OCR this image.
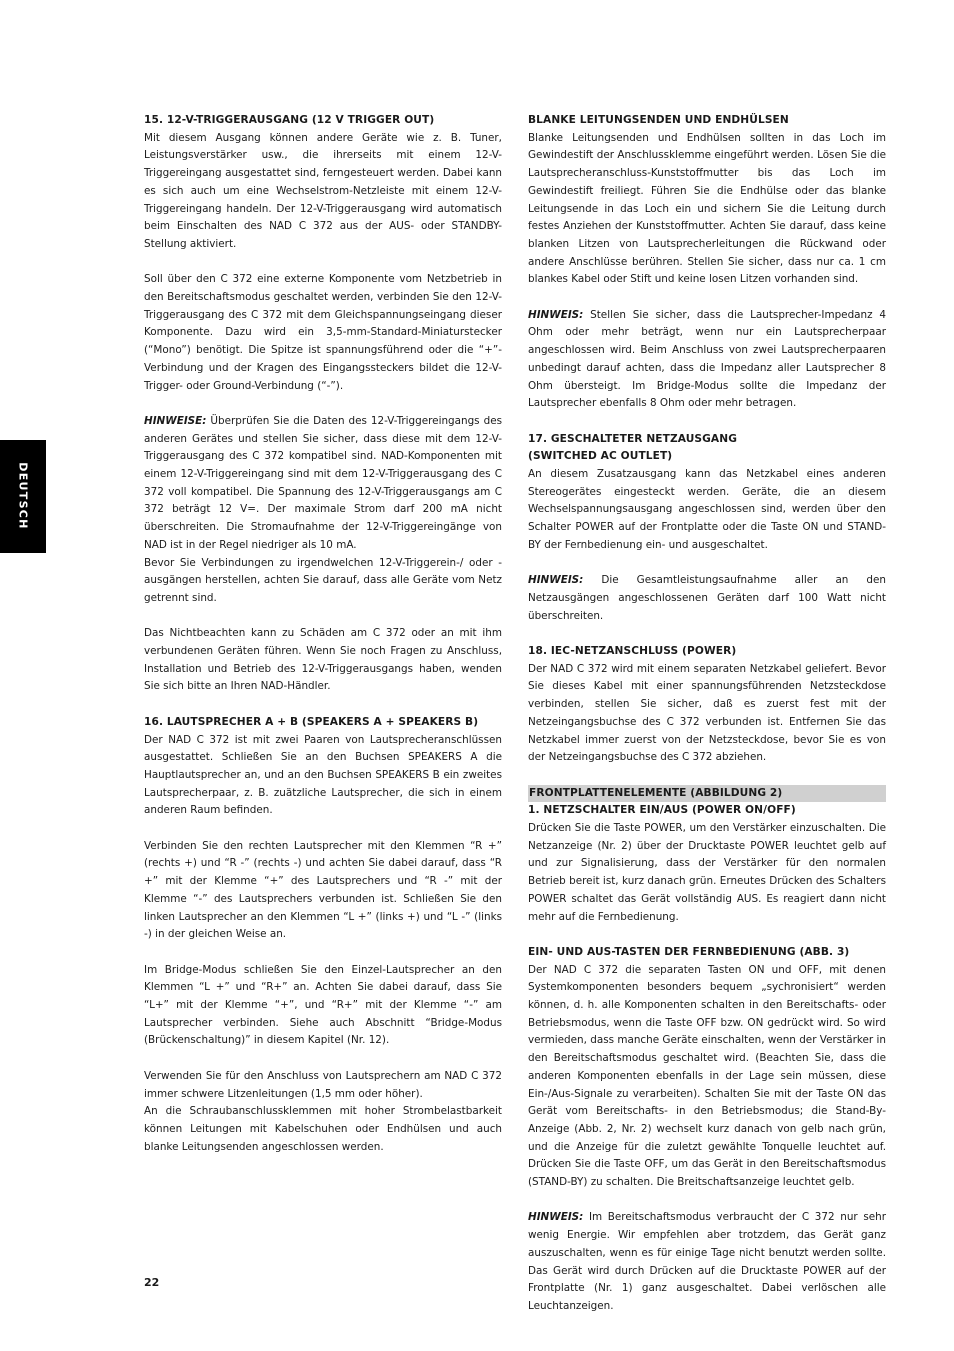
DEUTSCH
15. 12-V-TRIGGERAUSGANG (12 V TRIGGER OUT)

Mit diesem Ausgang können andere Geräte wie z. B. Tuner, Leistungsverstärker usw., die ihrerseits mit einem 12-V-Triggereingang ausgestattet sind, ferngesteuert werden. Dabei kann es sich auch um eine Wechselstrom-Netzleiste mit einem 12-V-Triggereingang handeln. Der 12-V-Triggerausgang wird automatisch beim Einschalten des NAD C 372 aus der AUS- oder STANDBY-Stellung aktiviert.

Soll über den C 372 eine externe Komponente vom Netzbetrieb in den Bereitschaftsmodus geschaltet werden, verbinden Sie den 12-V-Triggerausgang des C 372 mit dem Gleichspannungseingang dieser Komponente. Dazu wird ein 3,5-mm-Standard-Miniaturstecker (“Mono”) benötigt. Die Spitze ist spannungsführend oder die “+”-Verbindung und der Kragen des Eingangssteckers bildet die 12-V-Trigger- oder Ground-Verbindung (“-”).

HINWEISE: Überprüfen Sie die Daten des 12-V-Triggereingangs des anderen Gerätes und stellen Sie sicher, dass diese mit dem 12-V-Triggerausgang des C 372 kompatibel sind. NAD-Komponenten mit einem 12-V-Triggereingang sind mit dem 12-V-Triggerausgang des C 372 voll kompatibel. Die Spannung des 12-V-Triggerausgangs am C 372 beträgt 12 V=. Der maximale Strom darf 200 mA nicht überschreiten. Die Stromaufnahme der 12-V-Triggereingänge von NAD ist in der Regel niedriger als 10 mA.

Bevor Sie Verbindungen zu irgendwelchen 12-V-Triggerein-/ oder -ausgängen herstellen, achten Sie darauf, dass alle Geräte vom Netz getrennt sind.

Das Nichtbeachten kann zu Schäden am C 372 oder an mit ihm verbundenen Geräten führen. Wenn Sie noch Fragen zu Anschluss, Installation und Betrieb des 12-V-Triggerausgangs haben, wenden Sie sich bitte an Ihren NAD-Händler.

16. LAUTSPRECHER A + B (SPEAKERS A + SPEAKERS B)

Der NAD C 372 ist mit zwei Paaren von Lautsprecheranschlüssen ausgestattet. Schließen Sie an den Buchsen SPEAKERS A die Hauptlautsprecher an, und an den Buchsen SPEAKERS B ein zweites Lautsprecherpaar, z. B. zuätzliche Lautsprecher, die sich in einem anderen Raum befinden.

Verbinden Sie den rechten Lautsprecher mit den Klemmen “R +” (rechts +) und “R -” (rechts -) und achten Sie dabei darauf, dass “R +” mit der Klemme “+” des Lautsprechers und “R -” mit der Klemme “-” des Lautsprechers verbunden ist. Schließen Sie den linken Lautsprecher an den Klemmen “L +” (links +) und “L -” (links -) in der gleichen Weise an.

Im Bridge-Modus schließen Sie den Einzel-Lautsprecher an den Klemmen “L +” und “R+” an. Achten Sie dabei darauf, dass Sie “L+” mit der Klemme “+”, und “R+” mit der Klemme “-” am Lautsprecher verbinden. Siehe auch Abschnitt “Bridge-Modus (Brückenschaltung)” in diesem Kapitel (Nr. 12).

Verwenden Sie für den Anschluss von Lautsprechern am NAD C 372 immer schwere Litzenleitungen (1,5 mm oder höher).

An die Schraubanschlussklemmen mit hoher Strombelastbarkeit können Leitungen mit Kabelschuhen oder Endhülsen und auch blanke Leitungsenden angeschlossen werden.

BLANKE LEITUNGSENDEN UND ENDHÜLSEN

Blanke Leitungsenden und Endhülsen sollten in das Loch im Gewindestift der Anschlussklemme eingeführt werden. Lösen Sie die Lautsprecheranschluss-Kunststoffmutter bis das Loch im Gewindestift freiliegt. Führen Sie die Endhülse oder das blanke Leitungsende in das Loch ein und sichern Sie die Leitung durch festes Anziehen der Kunststoffmutter. Achten Sie darauf, dass keine blanken Litzen von Lautsprecherleitungen die Rückwand oder andere Anschlüsse berühren. Stellen Sie sicher, dass nur ca. 1 cm blankes Kabel oder Stift und keine losen Litzen vorhanden sind.

HINWEIS: Stellen Sie sicher, dass die Lautsprecher-Impedanz 4 Ohm oder mehr beträgt, wenn nur ein Lautsprecherpaar angeschlossen wird. Beim Anschluss von zwei Lautsprecherpaaren unbedingt darauf achten, dass die Impedanz aller Lautsprecher 8 Ohm übersteigt. Im Bridge-Modus sollte die Impedanz der Lautsprecher ebenfalls 8 Ohm oder mehr betragen.

17. GESCHALTETER NETZAUSGANG
(SWITCHED AC OUTLET)

An diesem Zusatzausgang kann das Netzkabel eines anderen Stereogerätes eingesteckt werden. Geräte, die an diesem Wechselspannungsausgang angeschlossen sind, werden über den Schalter POWER auf der Frontplatte oder die Taste ON und STAND-BY der Fernbedienung ein- und ausgeschaltet.

HINWEIS: Die Gesamtleistungsaufnahme aller an den Netzausgängen angeschlossenen Geräten darf 100 Watt nicht überschreiten.

18. IEC-NETZANSCHLUSS (POWER)

Der NAD C 372 wird mit einem separaten Netzkabel geliefert. Bevor Sie dieses Kabel mit einer spannungsführenden Netzsteckdose verbinden, stellen Sie sicher, daß es zuerst fest mit der Netzeingangsbuchse des C 372 verbunden ist. Entfernen Sie das Netzkabel immer zuerst von der Netzsteckdose, bevor Sie es von der Netzeingangsbuchse des C 372 abziehen.

FRONTPLATTENELEMENTE (ABBILDUNG 2)
1. NETZSCHALTER EIN/AUS (POWER ON/OFF)

Drücken Sie die Taste POWER, um den Verstärker einzuschalten. Die Netzanzeige (Nr. 2) über der Drucktaste POWER leuchtet gelb auf und zur Signalisierung, dass der Verstärker für den normalen Betrieb bereit ist, kurz danach grün. Erneutes Drücken des Schalters POWER schaltet das Gerät vollständig AUS. Es reagiert dann nicht mehr auf die Fernbedienung.

EIN- UND AUS-TASTEN DER FERNBEDIENUNG (ABB. 3)

Der NAD C 372 die separaten Tasten ON und OFF, mit denen Systemkomponenten besonders bequem „sychronisiert“ werden können, d. h. alle Komponenten schalten in den Bereitschafts- oder Betriebsmodus, wenn die Taste OFF bzw. ON gedrückt wird. So wird vermieden, dass manche Geräte einschalten, wenn der Verstärker in den Bereitschaftsmodus geschaltet wird. (Beachten Sie, dass die anderen Komponenten ebenfalls in der Lage sein müssen, diese Ein-/Aus-Signale zu verarbeiten). Schalten Sie mit der Taste ON das Gerät vom Bereitschafts- in den Betriebsmodus; die Stand-By-Anzeige (Abb. 2, Nr. 2) wechselt kurz danach von gelb nach grün, und die Anzeige für die zuletzt gewählte Tonquelle leuchtet auf. Drücken Sie die Taste OFF, um das Gerät in den Bereitschaftsmodus (STAND-BY) zu schalten. Die Breitschaftsanzeige leuchtet gelb.

HINWEIS: Im Bereitschaftsmodus verbraucht der C 372 nur sehr wenig Energie. Wir empfehlen aber trotzdem, das Gerät ganz auszuschalten, wenn es für einige Tage nicht benutzt werden sollte. Das Gerät wird durch Drücken auf die Drucktaste POWER auf der Frontplatte (Nr. 1) ganz ausgeschaltet. Dabei verlöschen alle Leuchtanzeigen.

22
